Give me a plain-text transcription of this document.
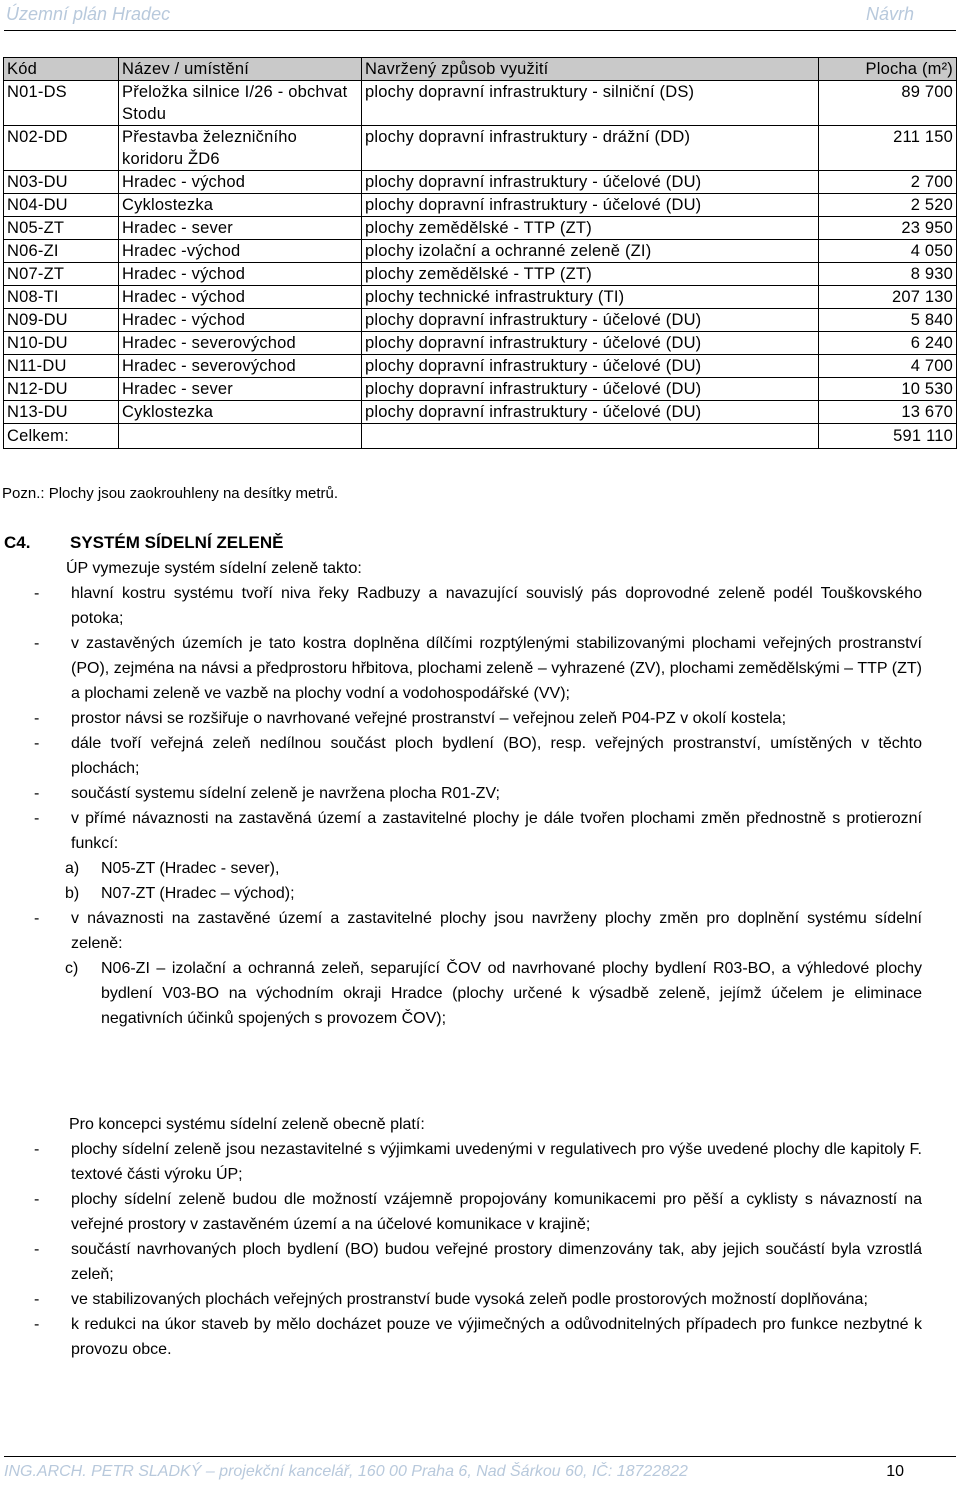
Územní plán Hradec	Návrh
Kód	Název / umístění	Navržený způsob využití	Plocha (m²)
N01-DS	Přeložka silnice I/26 - obchvat Stodu	plochy dopravní infrastruktury - silniční (DS)	89 700
N02-DD	Přestavba železničního koridoru ŽD6	plochy dopravní infrastruktury - drážní (DD)	211 150
N03-DU	Hradec - východ	plochy dopravní infrastruktury - účelové (DU)	2 700
N04-DU	Cyklostezka	plochy dopravní infrastruktury - účelové (DU)	2 520
N05-ZT	Hradec - sever	plochy zemědělské - TTP (ZT)	23 950
N06-ZI	Hradec -východ	plochy izolační a ochranné zeleně (ZI)	4 050
N07-ZT	Hradec - východ	plochy zemědělské - TTP (ZT)	8 930
N08-TI	Hradec - východ	plochy technické infrastruktury (TI)	207 130
N09-DU	Hradec - východ	plochy dopravní infrastruktury - účelové (DU)	5 840
N10-DU	Hradec - severovýchod	plochy dopravní infrastruktury - účelové (DU)	6 240
N11-DU	Hradec - severovýchod	plochy dopravní infrastruktury - účelové (DU)	4 700
N12-DU	Hradec - sever	plochy dopravní infrastruktury - účelové (DU)	10 530
N13-DU	Cyklostezka	plochy dopravní infrastruktury - účelové (DU)	13 670
Celkem:			591 110
Pozn.: Plochy jsou zaokrouhleny na desítky metrů.
C4. SYSTÉM SÍDELNÍ ZELENĚ
ÚP vymezuje systém sídelní zeleně takto:
- hlavní kostru systému tvoří niva řeky Radbuzy a navazující souvislý pás doprovodné zeleně podél Touškovského potoka;
- v zastavěných územích je tato kostra doplněna dílčími rozptýlenými stabilizovanými plochami veřejných prostranství (PO), zejména na návsi a předprostoru hřbitova, plochami zeleně – vyhrazené (ZV), plochami zemědělskými – TTP (ZT) a plochami zeleně ve vazbě na plochy vodní a vodohospodářské (VV);
- prostor návsi se rozšiřuje o navrhované veřejné prostranství – veřejnou zeleň P04-PZ v okolí kostela;
- dále tvoří veřejná zeleň nedílnou součást ploch bydlení (BO), resp. veřejných prostranství, umístěných v těchto plochách;
- součástí systemu sídelní zeleně je navržena plocha R01-ZV;
- v přímé návaznosti na zastavěná území a zastavitelné plochy je dále tvořen plochami změn přednostně s protierozní funkcí:
a) N05-ZT (Hradec - sever),
b) N07-ZT (Hradec – východ);
- v návaznosti na zastavěné území a zastavitelné plochy jsou navrženy plochy změn pro doplnění systému sídelní zeleně:
c) N06-ZI – izolační a ochranná zeleň, separující ČOV od navrhované plochy bydlení R03-BO, a výhledové plochy bydlení V03-BO na východním okraji Hradce (plochy určené k výsadbě zeleně, jejímž účelem je eliminace negativních účinků spojených s provozem ČOV);
Pro koncepci systému sídelní zeleně obecně platí:
- plochy sídelní zeleně jsou nezastavitelné s výjimkami uvedenými v regulativech pro výše uvedené plochy dle kapitoly F. textové části výroku ÚP;
- plochy sídelní zeleně budou dle možností vzájemně propojovány komunikacemi pro pěší a cyklisty s návazností na veřejné prostory v zastavěném území a na účelové komunikace v krajině;
- součástí navrhovaných ploch bydlení (BO) budou veřejné prostory dimenzovány tak, aby jejich součástí byla vzrostlá zeleň;
- ve stabilizovaných plochách veřejných prostranství bude vysoká zeleň podle prostorových možností doplňována;
- k redukci na úkor staveb by mělo docházet pouze ve výjimečných a odůvodnitelných případech pro funkce nezbytné k provozu obce.
ING.ARCH. PETR SLADKÝ – projekční kancelář, 160 00 Praha 6, Nad Šárkou 60, IČ: 18722822	10
